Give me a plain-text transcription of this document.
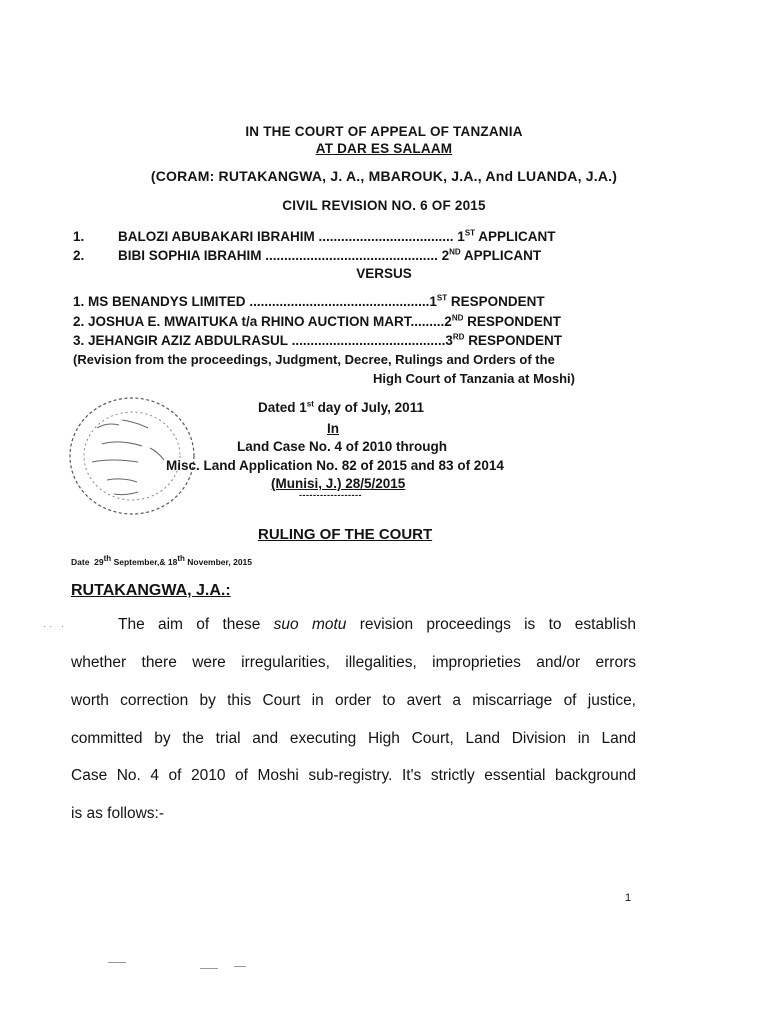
IN THE COURT OF APPEAL OF TANZANIA
AT DAR ES SALAAM
(CORAM: RUTAKANGWA, J. A., MBAROUK, J.A., And LUANDA, J.A.)
CIVIL REVISION NO. 6 OF 2015
1. BALOZI ABUBAKARI IBRAHIM .................................... 1ST APPLICANT
2. BIBI SOPHIA IBRAHIM .............................................. 2ND APPLICANT
VERSUS
1. MS BENANDYS LIMITED ................................................1ST RESPONDENT
2. JOSHUA E. MWAITUKA t/a RHINO AUCTION MART.........2ND RESPONDENT
3. JEHANGIR AZIZ ABDULRASUL .........................................3RD RESPONDENT
(Revision from the proceedings, Judgment, Decree, Rulings and Orders of the
High Court of Tanzania at Moshi)
Dated 1st day of July, 2011
In
Land Case No. 4 of 2010 through
Misc. Land Application No. 82 of 2015 and 83 of 2014
(Munisi, J.) 28/5/2015
------------------
RULING OF THE COURT
Date 29th September,& 18th November, 2015
RUTAKANGWA, J.A.:
· ·   ·	The aim of these suo motu revision proceedings is to establish
whether there were irregularities, illegalities, improprieties and/or errors
worth correction by this Court in order to avert a miscarriage of justice,
committed by the trial and executing High Court, Land Division in Land
Case No. 4 of 2010 of Moshi sub-registry. It's strictly essential background
is as follows:-
1
